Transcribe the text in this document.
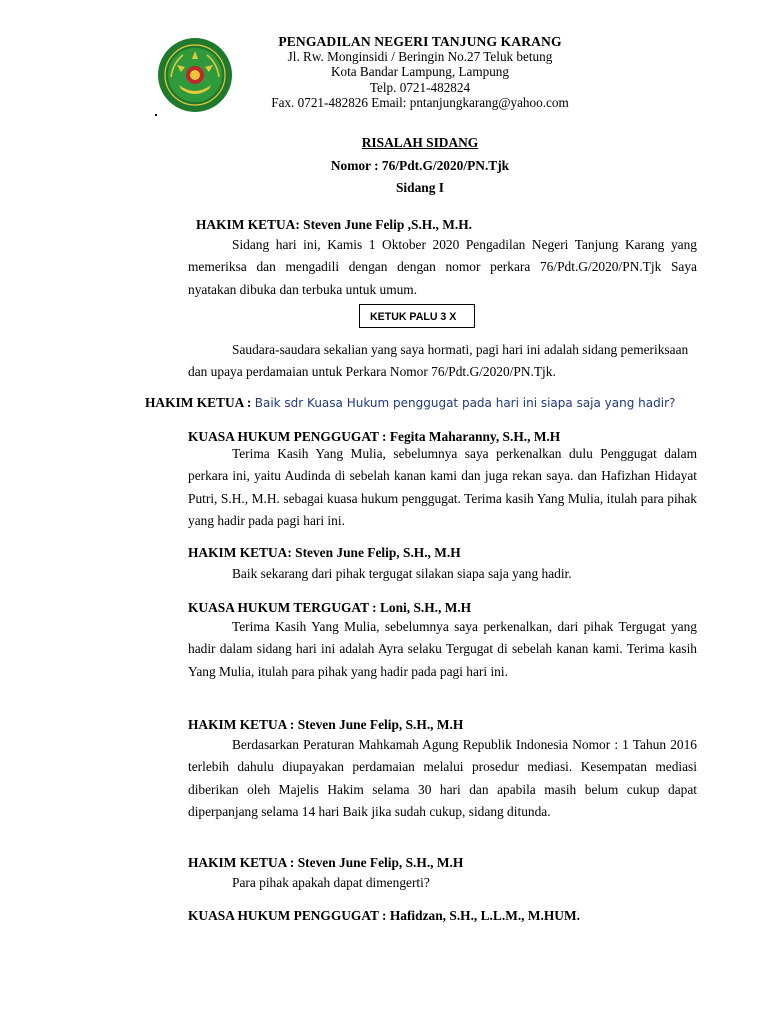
PENGADILAN NEGERI TANJUNG KARANG
Jl. Rw. Monginsidi / Beringin No.27 Teluk betung
Kota Bandar Lampung, Lampung
Telp. 0721-482824
Fax. 0721-482826 Email: pntanjungkarang@yahoo.com
RISALAH SIDANG
Nomor : 76/Pdt.G/2020/PN.Tjk
Sidang I
HAKIM KETUA: Steven June Felip ,S.H., M.H.

Sidang hari ini, Kamis 1 Oktober 2020 Pengadilan Negeri Tanjung Karang yang memeriksa dan mengadili dengan dengan nomor perkara 76/Pdt.G/2020/PN.Tjk Saya nyatakan dibuka dan terbuka untuk umum.

KETUK PALU 3 X

Saudara-saudara sekalian yang saya hormati, pagi hari ini adalah sidang pemeriksaan dan upaya perdamaian untuk Perkara Nomor 76/Pdt.G/2020/PN.Tjk.

HAKIM KETUA : Baik sdr Kuasa Hukum penggugat pada hari ini siapa saja yang hadir?
KUASA HUKUM PENGGUGAT : Fegita Maharanny, S.H., M.H

Terima Kasih Yang Mulia, sebelumnya saya perkenalkan dulu Penggugat dalam perkara ini, yaitu Audinda di sebelah kanan kami dan juga rekan saya. dan Hafizhan Hidayat Putri, S.H., M.H. sebagai kuasa hukum penggugat. Terima kasih Yang Mulia, itulah para pihak yang hadir pada pagi hari ini.

HAKIM KETUA: Steven June Felip, S.H., M.H

Baik sekarang dari pihak tergugat silakan siapa saja yang hadir.

KUASA HUKUM TERGUGAT : Loni, S.H., M.H

Terima Kasih Yang Mulia, sebelumnya saya perkenalkan, dari pihak Tergugat yang hadir dalam sidang hari ini adalah Ayra selaku Tergugat di sebelah kanan kami. Terima kasih Yang Mulia, itulah para pihak yang hadir pada pagi hari ini.

HAKIM KETUA : Steven June Felip, S.H., M.H

Berdasarkan Peraturan Mahkamah Agung Republik Indonesia Nomor : 1 Tahun 2016 terlebih dahulu diupayakan perdamaian melalui prosedur mediasi. Kesempatan mediasi diberikan oleh Majelis Hakim selama 30 hari dan apabila masih belum cukup dapat diperpanjang selama 14 hari Baik jika sudah cukup, sidang ditunda.

HAKIM KETUA : Steven June Felip, S.H., M.H

Para pihak apakah dapat dimengerti?

KUASA HUKUM PENGGUGAT : Hafidzan, S.H., L.L.M., M.HUM.
